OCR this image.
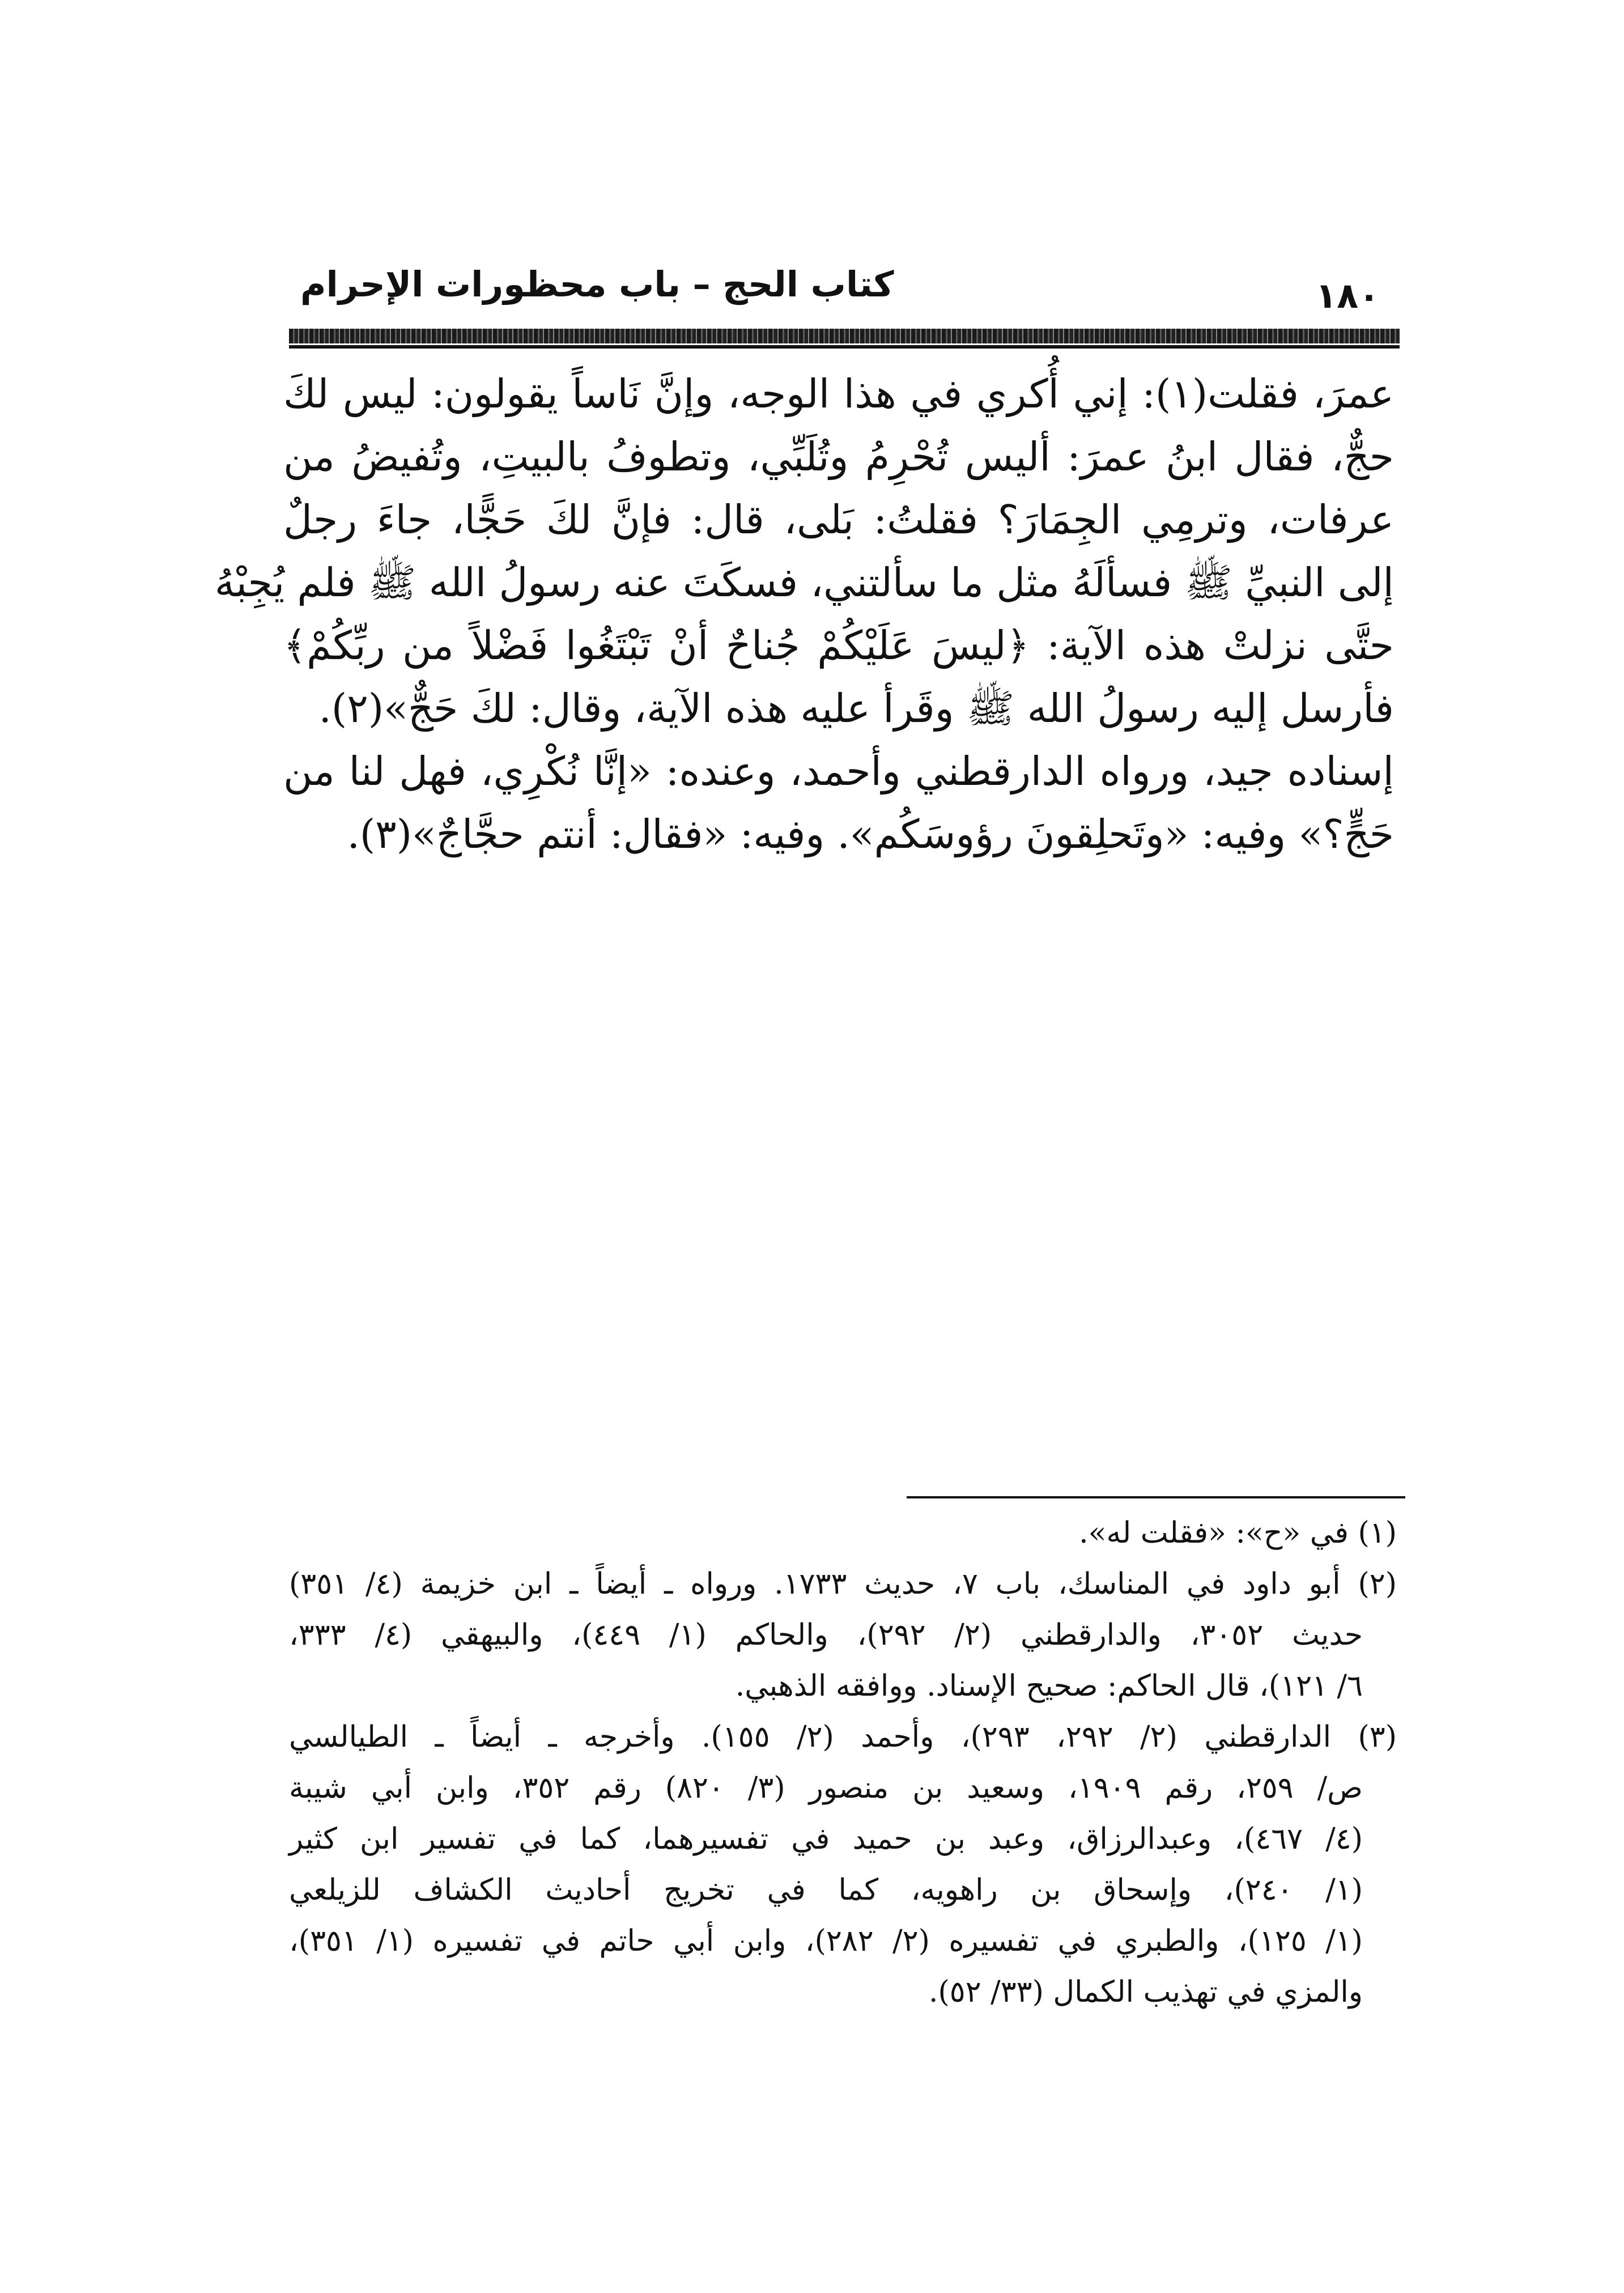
كتاب الحج – باب محظورات الإحرام	١٨٠
عمرَ، فقلت(١): إني أُكري في هذا الوجه، وإنَّ نَاساً يقولون: ليس لكَ
حجٌّ، فقال ابنُ عمرَ: أليس تُحْرِمُ وتُلَبِّي، وتطوفُ بالبيتِ، وتُفيضُ من
عرفات، وترمِي الجِمَارَ؟ فقلتُ: بَلى، قال: فإنَّ لكَ حَجًّا، جاءَ رجلٌ
إلى النبيِّ ﷺ فسألَهُ مثل ما سألتني، فسكَتَ عنه رسولُ الله ﷺ فلم يُجِبْهُ
حتَّى نزلتْ هذه الآية: ﴿ليسَ عَلَيْكُمْ جُناحٌ أنْ تَبْتَغُوا فَضْلاً من ربِّكُمْ﴾
فأرسل إليه رسولُ الله ﷺ وقَرأ عليه هذه الآية، وقال: لكَ حَجٌّ»(٢).
إسناده جيد، ورواه الدارقطني وأحمد، وعنده: «إنَّا نُكْرِي، فهل لنا من
حَجٍّ؟» وفيه: «وتَحلِقونَ رؤوسَكُم». وفيه: «فقال: أنتم حجَّاجٌ»(٣).
(١) في «ح»: «فقلت له».
(٢) أبو داود في المناسك، باب ٧، حديث ١٧٣٣. ورواه ـ أيضاً ـ ابن خزيمة (٤/ ٣٥١)
حديث ٣٠٥٢، والدارقطني (٢/ ٢٩٢)، والحاكم (١/ ٤٤٩)، والبيهقي (٤/ ٣٣٣،
٦/ ١٢١)، قال الحاكم: صحيح الإسناد. ووافقه الذهبي.
(٣) الدارقطني (٢/ ٢٩٢، ٢٩٣)، وأحمد (٢/ ١٥٥). وأخرجه ـ أيضاً ـ الطيالسي
ص/ ٢٥٩، رقم ١٩٠٩، وسعيد بن منصور (٣/ ٨٢٠) رقم ٣٥٢، وابن أبي شيبة
(٤/ ٤٦٧)، وعبدالرزاق، وعبد بن حميد في تفسيرهما، كما في تفسير ابن كثير
(١/ ٢٤٠)، وإسحاق بن راهويه، كما في تخريج أحاديث الكشاف للزيلعي
(١/ ١٢٥)، والطبري في تفسيره (٢/ ٢٨٢)، وابن أبي حاتم في تفسيره (١/ ٣٥١)،
والمزي في تهذيب الكمال (٣٣/ ٥٢).
